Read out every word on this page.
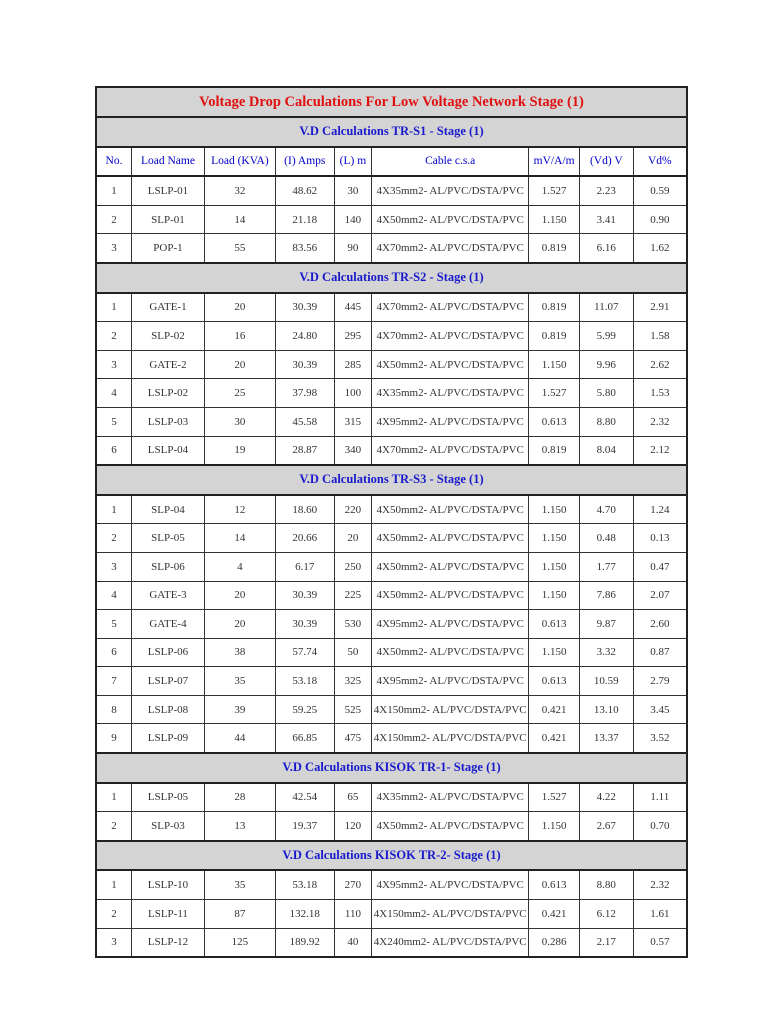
Voltage Drop Calculations For Low Voltage Network Stage (1)								
V.D Calculations TR-S1 - Stage (1)								
No.	Load Name	Load (KVA)	(I) Amps	(L) m	Cable c.s.a	mV/A/m	(Vd) V	Vd%
1	LSLP-01	32	48.62	30	4X35mm2- AL/PVC/DSTA/PVC	1.527	2.23	0.59
2	SLP-01	14	21.18	140	4X50mm2- AL/PVC/DSTA/PVC	1.150	3.41	0.90
3	POP-1	55	83.56	90	4X70mm2- AL/PVC/DSTA/PVC	0.819	6.16	1.62
V.D Calculations TR-S2 - Stage (1)								
1	GATE-1	20	30.39	445	4X70mm2- AL/PVC/DSTA/PVC	0.819	11.07	2.91
2	SLP-02	16	24.80	295	4X70mm2- AL/PVC/DSTA/PVC	0.819	5.99	1.58
3	GATE-2	20	30.39	285	4X50mm2- AL/PVC/DSTA/PVC	1.150	9.96	2.62
4	LSLP-02	25	37.98	100	4X35mm2- AL/PVC/DSTA/PVC	1.527	5.80	1.53
5	LSLP-03	30	45.58	315	4X95mm2- AL/PVC/DSTA/PVC	0.613	8.80	2.32
6	LSLP-04	19	28.87	340	4X70mm2- AL/PVC/DSTA/PVC	0.819	8.04	2.12
V.D Calculations TR-S3 - Stage (1)								
1	SLP-04	12	18.60	220	4X50mm2- AL/PVC/DSTA/PVC	1.150	4.70	1.24
2	SLP-05	14	20.66	20	4X50mm2- AL/PVC/DSTA/PVC	1.150	0.48	0.13
3	SLP-06	4	6.17	250	4X50mm2- AL/PVC/DSTA/PVC	1.150	1.77	0.47
4	GATE-3	20	30.39	225	4X50mm2- AL/PVC/DSTA/PVC	1.150	7.86	2.07
5	GATE-4	20	30.39	530	4X95mm2- AL/PVC/DSTA/PVC	0.613	9.87	2.60
6	LSLP-06	38	57.74	50	4X50mm2- AL/PVC/DSTA/PVC	1.150	3.32	0.87
7	LSLP-07	35	53.18	325	4X95mm2- AL/PVC/DSTA/PVC	0.613	10.59	2.79
8	LSLP-08	39	59.25	525	4X150mm2- AL/PVC/DSTA/PVC	0.421	13.10	3.45
9	LSLP-09	44	66.85	475	4X150mm2- AL/PVC/DSTA/PVC	0.421	13.37	3.52
V.D Calculations KISOK TR-1- Stage (1)								
1	LSLP-05	28	42.54	65	4X35mm2- AL/PVC/DSTA/PVC	1.527	4.22	1.11
2	SLP-03	13	19.37	120	4X50mm2- AL/PVC/DSTA/PVC	1.150	2.67	0.70
V.D Calculations KISOK TR-2- Stage (1)								
1	LSLP-10	35	53.18	270	4X95mm2- AL/PVC/DSTA/PVC	0.613	8.80	2.32
2	LSLP-11	87	132.18	110	4X150mm2- AL/PVC/DSTA/PVC	0.421	6.12	1.61
3	LSLP-12	125	189.92	40	4X240mm2- AL/PVC/DSTA/PVC	0.286	2.17	0.57
